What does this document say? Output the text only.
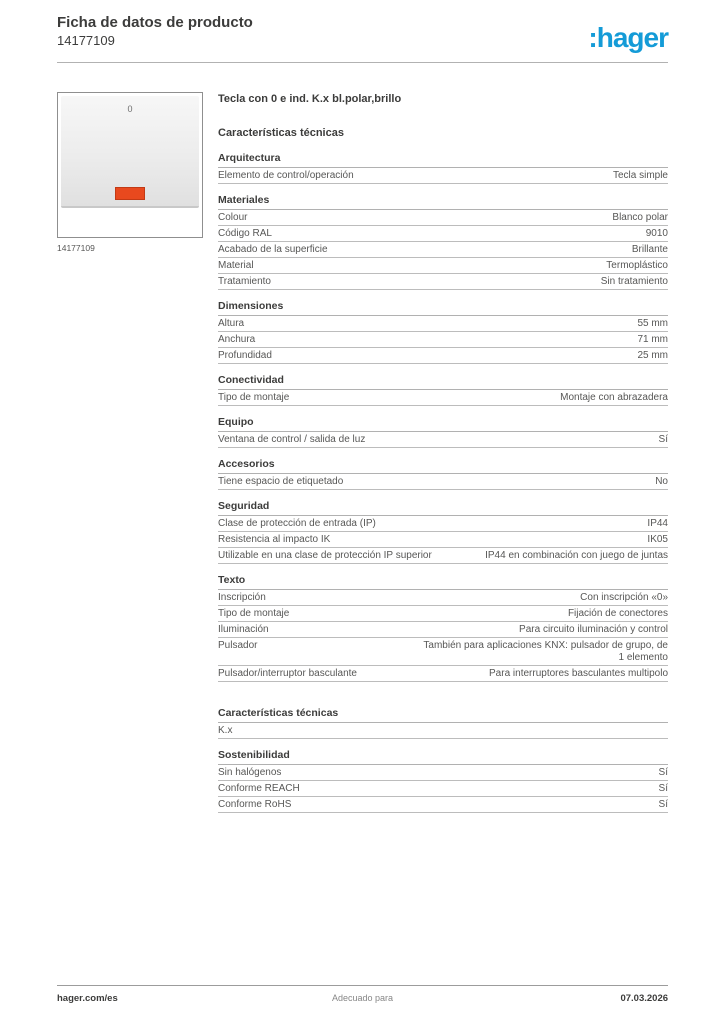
Ficha de datos de producto
14177109	:hager
0
14177109
Tecla con 0 e ind. K.x bl.polar,brillo
Características técnicas
Arquitectura
Elemento de control/operación	Tecla simple
Materiales
Colour	Blanco polar
Código RAL	9010
Acabado de la superficie	Brillante
Material	Termoplástico
Tratamiento	Sin tratamiento
Dimensiones
Altura	55 mm
Anchura	71 mm
Profundidad	25 mm
Conectividad
Tipo de montaje	Montaje con abrazadera
Equipo
Ventana de control / salida de luz	Sí
Accesorios
Tiene espacio de etiquetado	No
Seguridad
Clase de protección de entrada (IP)	IP44
Resistencia al impacto IK	IK05
Utilizable en una clase de protección IP superior	IP44 en combinación con juego de juntas
Texto
Inscripción	Con inscripción «0»
Tipo de montaje	Fijación de conectores
Iluminación	Para circuito iluminación y control
Pulsador	También para aplicaciones KNX: pulsador de grupo, de 1 elemento
Pulsador/interruptor basculante	Para interruptores basculantes multipolo
Características técnicas
K.x
Sostenibilidad
Sin halógenos	Sí
Conforme REACH	Sí
Conforme RoHS	Sí
hager.com/es	Adecuado para	07.03.2026
